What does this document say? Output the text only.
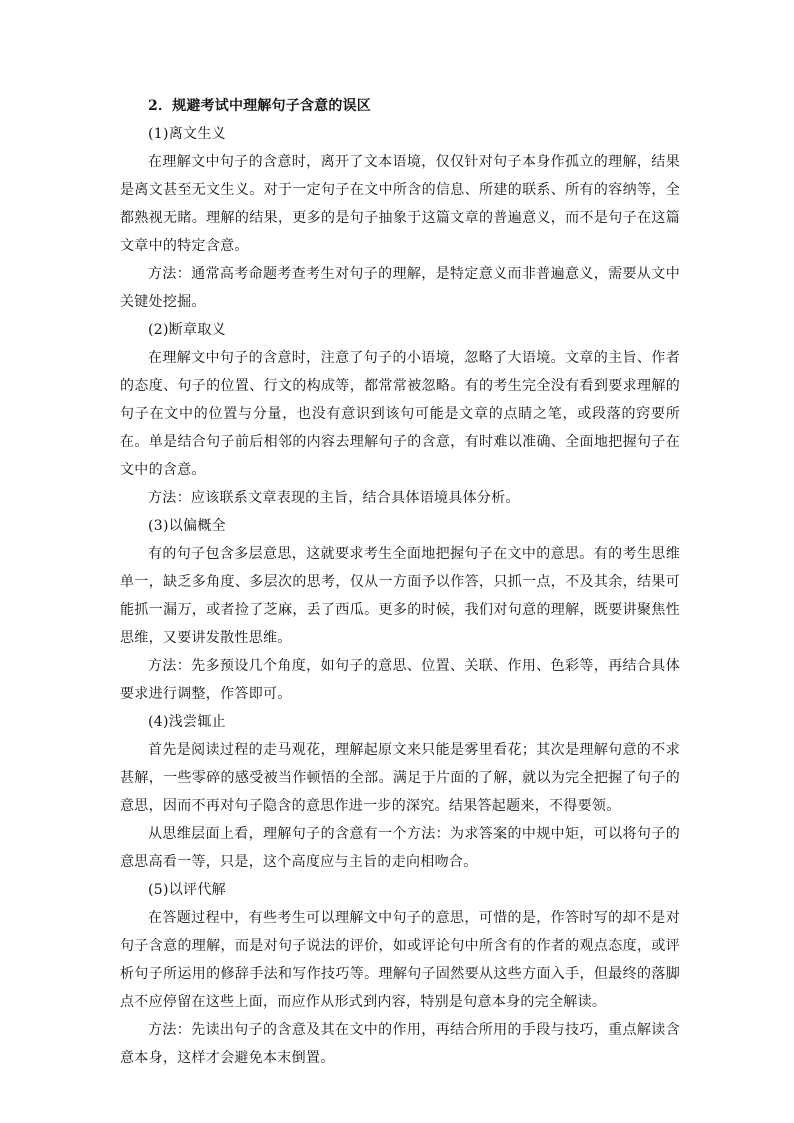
2．规避考试中理解句子含意的误区

(1)离文生义

在理解文中句子的含意时，离开了文本语境，仅仅针对句子本身作孤立的理解，结果是离文甚至无文生义。对于一定句子在文中所含的信息、所建的联系、所有的容纳等，全都熟视无睹。理解的结果，更多的是句子抽象于这篇文章的普遍意义，而不是句子在这篇文章中的特定含意。

方法：通常高考命题考查考生对句子的理解，是特定意义而非普遍意义，需要从文中关键处挖掘。

(2)断章取义

在理解文中句子的含意时，注意了句子的小语境，忽略了大语境。文章的主旨、作者的态度、句子的位置、行文的构成等，都常常被忽略。有的考生完全没有看到要求理解的句子在文中的位置与分量，也没有意识到该句可能是文章的点睛之笔，或段落的窍要所在。单是结合句子前后相邻的内容去理解句子的含意，有时难以准确、全面地把握句子在文中的含意。

方法：应该联系文章表现的主旨，结合具体语境具体分析。

(3)以偏概全

有的句子包含多层意思，这就要求考生全面地把握句子在文中的意思。有的考生思维单一，缺乏多角度、多层次的思考，仅从一方面予以作答，只抓一点，不及其余，结果可能抓一漏万，或者捡了芝麻，丢了西瓜。更多的时候，我们对句意的理解，既要讲聚焦性思维，又要讲发散性思维。

方法：先多预设几个角度，如句子的意思、位置、关联、作用、色彩等，再结合具体要求进行调整，作答即可。

(4)浅尝辄止

首先是阅读过程的走马观花，理解起原文来只能是雾里看花；其次是理解句意的不求甚解，一些零碎的感受被当作顿悟的全部。满足于片面的了解，就以为完全把握了句子的意思，因而不再对句子隐含的意思作进一步的深究。结果答起题来，不得要领。

从思维层面上看，理解句子的含意有一个方法：为求答案的中规中矩，可以将句子的意思高看一等，只是，这个高度应与主旨的走向相吻合。

(5)以评代解

在答题过程中，有些考生可以理解文中句子的意思，可惜的是，作答时写的却不是对句子含意的理解，而是对句子说法的评价，如或评论句中所含有的作者的观点态度，或评析句子所运用的修辞手法和写作技巧等。理解句子固然要从这些方面入手，但最终的落脚点不应停留在这些上面，而应作从形式到内容，特别是句意本身的完全解读。

方法：先读出句子的含意及其在文中的作用，再结合所用的手段与技巧，重点解读含意本身，这样才会避免本末倒置。
